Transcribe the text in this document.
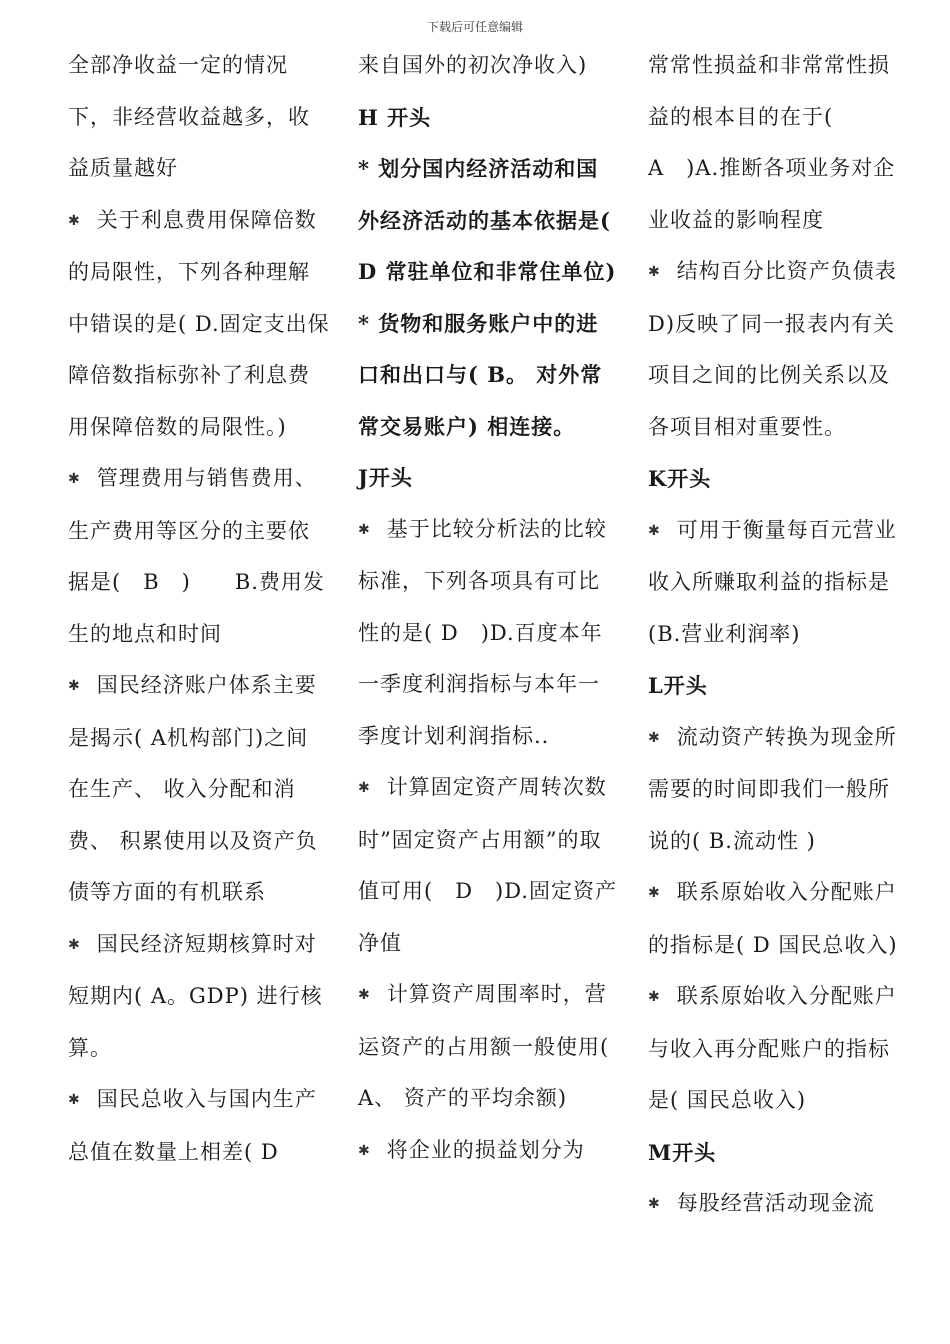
下载后可任意编辑

全部净收益一定的情况下，非经营收益越多，收益质量越好

✱ 关于利息费用保障倍数的局限性，下列各种理解中错误的是( D.固定支出保障倍数指标弥补了利息费用保障倍数的局限性。)

✱ 管理费用与销售费用、生产费用等区分的主要依据是(　B　)　　B.费用发生的地点和时间

✱ 国民经济账户体系主要是揭示( A机构部门)之间在生产、 收入分配和消费、 积累使用以及资产负债等方面的有机联系

✱ 国民经济短期核算时对短期内( A。GDP) 进行核算。

✱ 国民总收入与国内生产总值在数量上相差( D

来自国外的初次净收入)

H 开头

* 划分国内经济活动和国外经济活动的基本依据是( D 常驻单位和非常住单位)

* 货物和服务账户中的进口和出口与( B。 对外常常交易账户) 相连接。

J开头

✱ 基于比较分析法的比较标准，下列各项具有可比性的是( D　)D.百度本年一季度利润指标与本年一季度计划利润指标..

✱ 计算固定资产周转次数时”固定资产占用额”的取值可用(　D　)D.固定资产净值

✱ 计算资产周围率时，营运资产的占用额一般使用( A、 资产的平均余额)

✱ 将企业的损益划分为

常常性损益和非常常性损益的根本目的在于(　A　)A.推断各项业务对企业收益的影响程度

✱ 结构百分比资产负债表D)反映了同一报表内有关项目之间的比例关系以及各项目相对重要性。

K开头

✱ 可用于衡量每百元营业收入所赚取利益的指标是(B.营业利润率)

L开头

✱ 流动资产转换为现金所需要的时间即我们一般所说的( B.流动性 )

✱ 联系原始收入分配账户的指标是( D 国民总收入)

✱ 联系原始收入分配账户与收入再分配账户的指标是( 国民总收入)

M开头

✱ 每股经营活动现金流
